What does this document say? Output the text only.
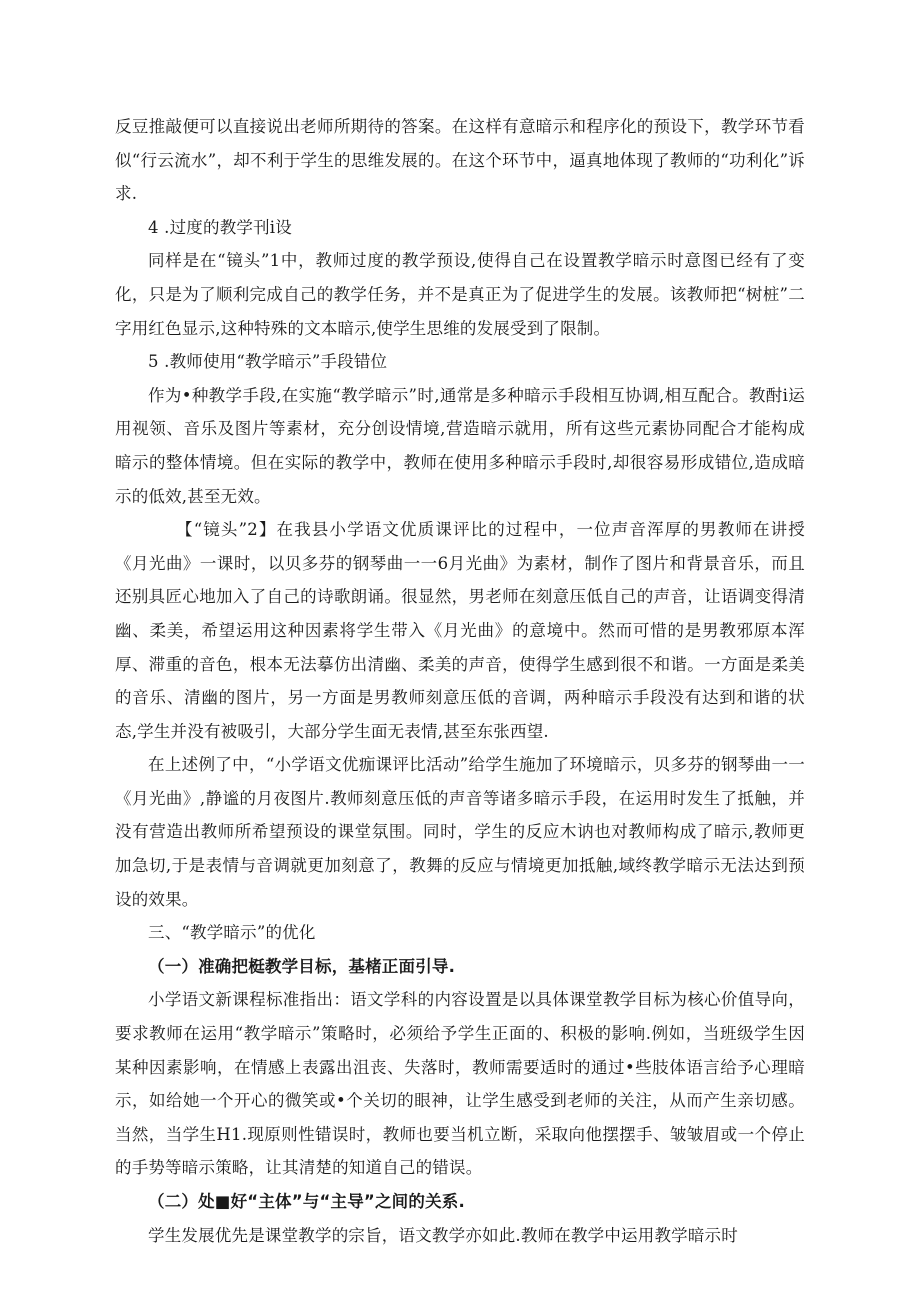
反豆推敲便可以直接说出老师所期待的答案。在这样有意暗示和程序化的预设下，教学环节看似“行云流水”，却不利于学生的思维发展的。在这个环节中，逼真地体现了教师的“功利化”诉求.

4 .过度的教学刊i设

同样是在“镜头”1中，教师过度的教学预设,使得自己在设置教学暗示时意图已经有了变化，只是为了顺利完成自己的教学任务，并不是真正为了促进学生的发展。该教师把“树桩”二字用红色显示,这种特殊的文本暗示,使学生思维的发展受到了限制。

5 .教师使用“教学暗示”手段错位

作为•种教学手段,在实施“教学暗示”时,通常是多种暗示手段相互协调,相互配合。教酎i运用视领、音乐及图片等素材，充分创设情境,营造暗示就用，所有这些元素协同配合才能构成暗示的整体情境。但在实际的教学中，教师在使用多种暗示手段时,却很容易形成错位,造成暗示的低效,甚至无效。

【“镜头”2】在我县小学语文优质课评比的过程中，一位声音浑厚的男教师在讲授《月光曲》一课时，以贝多芬的钢琴曲一一6月光曲》为素材，制作了图片和背景音乐，而且还别具匠心地加入了自己的诗歌朗诵。很显然，男老师在刻意压低自己的声音，让语调变得清幽、柔美，希望运用这种因素将学生带入《月光曲》的意境中。然而可惜的是男教邪原本浑厚、滞重的音色，根本无法摹仿出清幽、柔美的声音，使得学生感到很不和谐。一方面是柔美的音乐、清幽的图片，另一方面是男教师刻意压低的音调，两种暗示手段没有达到和谐的状态,学生并没有被吸引，大部分学生面无表情,甚至东张西望.

在上述例了中，“小学语文优痂课评比活动”给学生施加了环境暗示，贝多芬的钢琴曲一一《月光曲》,静谧的月夜图片.教师刻意压低的声音等诸多暗示手段，在运用时发生了抵触，并没有营造出教师所希望预设的课堂氛围。同时，学生的反应木讷也对教师构成了暗示,教师更加急切,于是表情与音调就更加刻意了，教舞的反应与情境更加抵触,域终教学暗示无法达到预设的效果。

三、“教学暗示”的优化

（一）准确把梃教学目标，基楮正面引导.

小学语文新课程标准指出：语文学科的内容设置是以具体课堂教学目标为核心价值导向，要求教师在运用“教学暗示”策略时，必须给予学生正面的、积极的影响.例如，当班级学生因某种因素影响，在情感上表露出沮丧、失落时，教师需要适时的通过•些肢体语言给予心理暗示，如给她一个开心的微笑或•个关切的眼神，让学生感受到老师的关注，从而产生亲切感。当然，当学生H1.现原则性错误时，教师也要当机立断，采取向他摆摆手、皱皱眉或一个停止的手势等暗示策略，让其清楚的知道自己的错误。

（二）处■好“主体”与“主导”之间的关系.

学生发展优先是课堂教学的宗旨，语文教学亦如此.教师在教学中运用教学暗示时
